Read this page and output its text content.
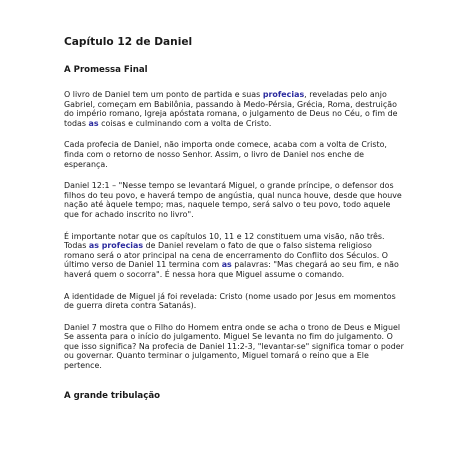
Capítulo 12 de Daniel
A Promessa Final

O livro de Daniel tem um ponto de partida e suas profecias, reveladas pelo anjo Gabriel, começam em Babilônia, passando à Medo-Pérsia, Grécia, Roma, destruição do império romano, Igreja apóstata romana, o julgamento de Deus no Céu, o fim de todas as coisas e culminando com a volta de Cristo.

Cada profecia de Daniel, não importa onde comece, acaba com a volta de Cristo, finda com o retorno de nosso Senhor. Assim, o livro de Daniel nos enche de esperança.

Daniel 12:1 – "Nesse tempo se levantará Miguel, o grande príncipe, o defensor dos filhos do teu povo, e haverá tempo de angústia, qual nunca houve, desde que houve nação até àquele tempo; mas, naquele tempo, será salvo o teu povo, todo aquele que for achado inscrito no livro".

É importante notar que os capítulos 10, 11 e 12 constituem uma visão, não três. Todas as profecias de Daniel revelam o fato de que o falso sistema religioso romano será o ator principal na cena de encerramento do Conflito dos Séculos. O último verso de Daniel 11 termina com as palavras: "Mas chegará ao seu fim, e não haverá quem o socorra". É nessa hora que Miguel assume o comando.

A identidade de Miguel já foi revelada: Cristo (nome usado por Jesus em momentos de guerra direta contra Satanás).

Daniel 7 mostra que o Filho do Homem entra onde se acha o trono de Deus e Miguel Se assenta para o início do julgamento. Miguel Se levanta no fim do julgamento. O que isso significa? Na profecia de Daniel 11:2-3, "levantar-se" significa tomar o poder ou governar. Quanto terminar o julgamento, Miguel tomará o reino que a Ele pertence.

A grande tribulação
